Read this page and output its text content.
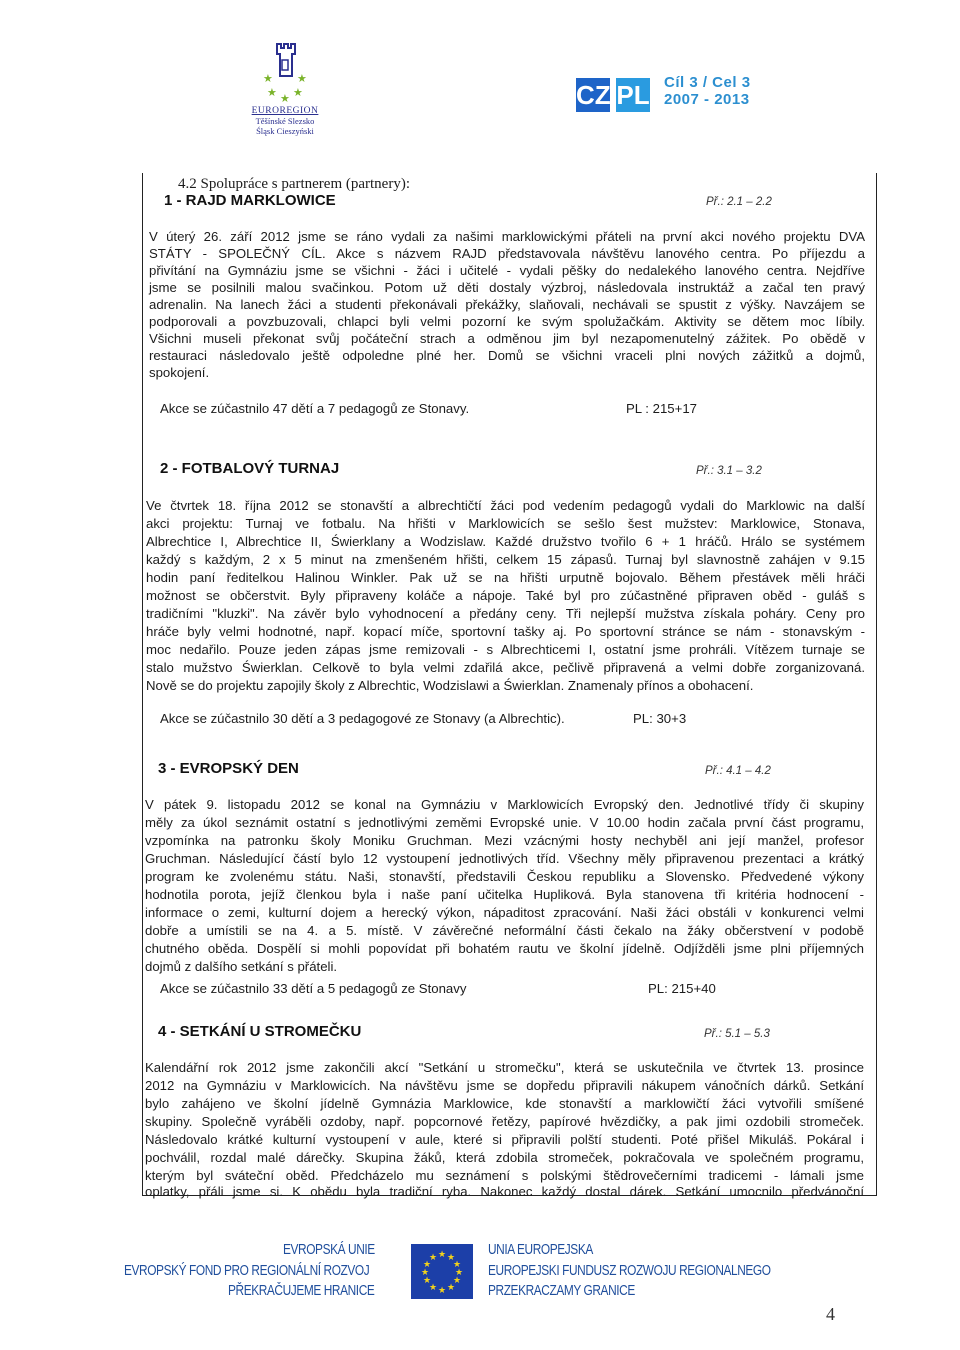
★ ★
★ ★
★
EUROREGION
Těšínské Slezsko
Śląsk Cieszyński
CZ PL Cíl 3 / Cel 3
2007 - 2013
4.2 Spolupráce s partnerem (partnery):
1 - RAJD MARKLOWICE	Př.: 2.1 – 2.2
V úterý 26. září 2012 jsme se ráno vydali za našimi marklowickými přáteli na první akci nového projektu DVA
STÁTY - SPOLEČNÝ CÍL. Akce s názvem RAJD představovala návštěvu lanového centra. Po příjezdu a
přivítání na Gymnáziu jsme se všichni - žáci i učitelé - vydali pěšky do nedalekého lanového centra. Nejdříve
jsme se posilnili malou svačinkou. Potom už děti dostaly výzbroj, následovala instruktáž a začal ten pravý
adrenalin. Na lanech žáci a studenti překonávali překážky, slaňovali, nechávali se spustit z výšky. Navzájem se
podporovali a povzbuzovali, chlapci byli velmi pozorní ke svým spolužačkám. Aktivity se dětem moc líbily.
Všichni museli překonat svůj počáteční strach a odměnou jim byl nezapomenutelný zážitek. Po obědě v
restauraci následovalo ještě odpoledne plné her. Domů se všichni vraceli plni nových zážitků a dojmů,
spokojení.
Akce se zúčastnilo 47 dětí a 7 pedagogů ze Stonavy.	PL : 215+17
2 - FOTBALOVÝ TURNAJ	Př.: 3.1 – 3.2
Ve čtvrtek 18. října 2012 se stonavští a albrechtičtí žáci pod vedením pedagogů vydali do Marklowic na další
akci projektu: Turnaj ve fotbalu. Na hřišti v Marklowicích se sešlo šest mužstev: Marklowice, Stonava,
Albrechtice I, Albrechtice II, Świerklany a Wodzislaw. Každé družstvo tvořilo 6 + 1 hráčů. Hrálo se systémem
každý s každým, 2 x 5 minut na zmenšeném hřišti, celkem 15 zápasů. Turnaj byl slavnostně zahájen v 9.15
hodin paní ředitelkou Halinou Winkler. Pak už se na hřišti urputně bojovalo. Během přestávek měli hráči
možnost se občerstvit. Byly připraveny koláče a nápoje. Také byl pro zúčastněné připraven oběd - guláš s
tradičními "kluzki". Na závěr bylo vyhodnocení a předány ceny. Tři nejlepší mužstva získala poháry. Ceny pro
hráče byly velmi hodnotné, např. kopací míče, sportovní tašky aj. Po sportovní stránce se nám - stonavským -
moc nedařilo. Pouze jeden zápas jsme remizovali - s Albrechticemi I, ostatní jsme prohráli. Vítězem turnaje se
stalo mužstvo Świerklan. Celkově to byla velmi zdařilá akce, pečlivě připravená a velmi dobře zorganizovaná.
Nově se do projektu zapojily školy z Albrechtic, Wodzislawi a Świerklan. Znamenaly přínos a obohacení.
Akce se zúčastnilo 30 dětí a 3 pedagogové ze Stonavy (a Albrechtic).	PL: 30+3
3 - EVROPSKÝ DEN	Př.: 4.1 – 4.2
V pátek 9. listopadu 2012 se konal na Gymnáziu v Marklowicích Evropský den. Jednotlivé třídy či skupiny
měly za úkol seznámit ostatní s jednotlivými zeměmi Evropské unie. V 10.00 hodin začala první část programu,
vzpomínka na patronku školy Moniku Gruchman. Mezi vzácnými hosty nechyběl ani její manžel, profesor
Gruchman. Následující částí bylo 12 vystoupení jednotlivých tříd. Všechny měly připravenou prezentaci a krátký
program ke zvolenému státu. Naši, stonavští, představili Českou republiku a Slovensko. Předvedené výkony
hodnotila porota, jejíž členkou byla i naše paní učitelka Hupliková. Byla stanovena tři kritéria hodnocení -
informace o zemi, kulturní dojem a herecký výkon, nápaditost zpracování. Naši žáci obstáli v konkurenci velmi
dobře a umístili se na 4. a 5. místě. V závěrečné neformální části čekalo na žáky občerstvení v podobě
chutného oběda. Dospělí si mohli popovídat při bohatém rautu ve školní jídelně. Odjížděli jsme plni příjemných
dojmů z dalšího setkání s přáteli.
Akce se zúčastnilo 33 dětí a 5 pedagogů ze Stonavy	PL: 215+40
4 - SETKÁNÍ U STROMEČKU	Př.: 5.1 – 5.3
Kalendářní rok 2012 jsme zakončili akcí "Setkání u stromečku", která se uskutečnila ve čtvrtek 13. prosince
2012 na Gymnáziu v Marklowicích. Na návštěvu jsme se dopředu připravili nákupem vánočních dárků. Setkání
bylo zahájeno ve školní jídelně Gymnázia Marklowice, kde stonavští a marklowičtí žáci vytvořili smíšené
skupiny. Společně vyráběli ozdoby, např. popcornové řetězy, papírové hvězdičky, a pak jimi ozdobili stromeček.
Následovalo krátké kulturní vystoupení v aule, které si připravili polští studenti. Poté přišel Mikuláš. Pokáral i
pochválil, rozdal malé dárečky. Skupina žáků, která zdobila stromeček, pokračovala ve společném programu,
kterým byl sváteční oběd. Předcházelo mu seznámení s polskými štědrovečerními tradicemi - lámali jsme
oplatky, přáli jsme si. K obědu byla tradiční ryba. Nakonec každý dostal dárek. Setkání umocnilo předvánoční
EVROPSKÁ UNIE
EVROPSKÝ FOND PRO REGIONÁLNÍ ROZVOJ
PŘEKRAČUJEME HRANICE
★ ★
★
★
★
★
★
★
★
★
★
★	UNIA EUROPEJSKA
EUROPEJSKI FUNDUSZ ROZWOJU REGIONALNEGO
PRZEKRACZAMY GRANICE
4
